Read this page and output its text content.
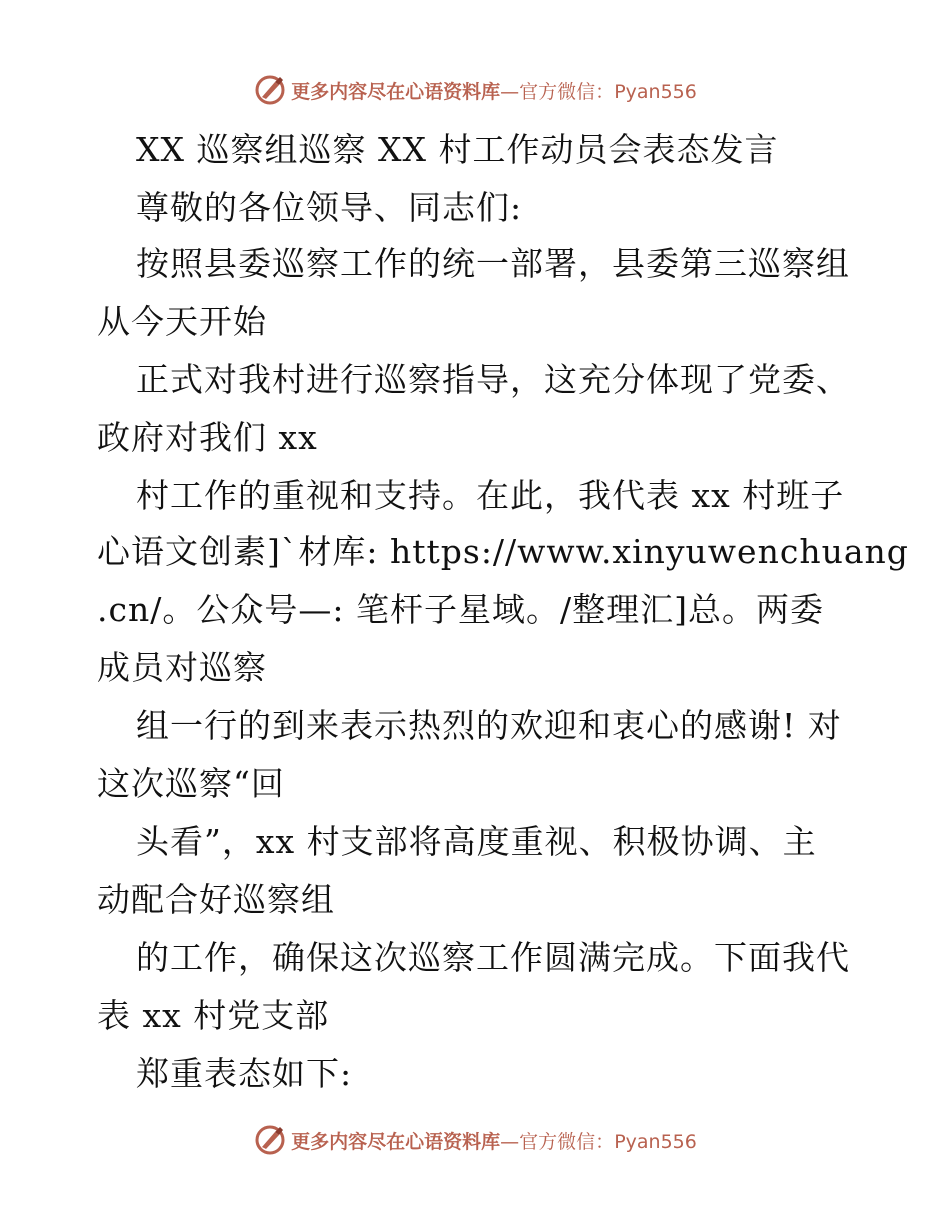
更多内容尽在心语资料库—官方微信：Pyan556
XX 巡察组巡察 XX 村工作动员会表态发言
尊敬的各位领导、同志们:
按照县委巡察工作的统一部署，县委第三巡察组
从今天开始
正式对我村进行巡察指导，这充分体现了党委、
政府对我们 xx
村工作的重视和支持。在此，我代表 xx 村班子
心语文创素]`材库: https://www.xinyuwenchuang
.cn/。公众号—: 笔杆子星域。/整理汇]总。两委
成员对巡察
组一行的到来表示热烈的欢迎和衷心的感谢! 对
这次巡察“回
头看”，xx 村支部将高度重视、积极协调、主
动配合好巡察组
的工作，确保这次巡察工作圆满完成。下面我代
表 xx 村党支部
郑重表态如下:
更多内容尽在心语资料库—官方微信：Pyan556
